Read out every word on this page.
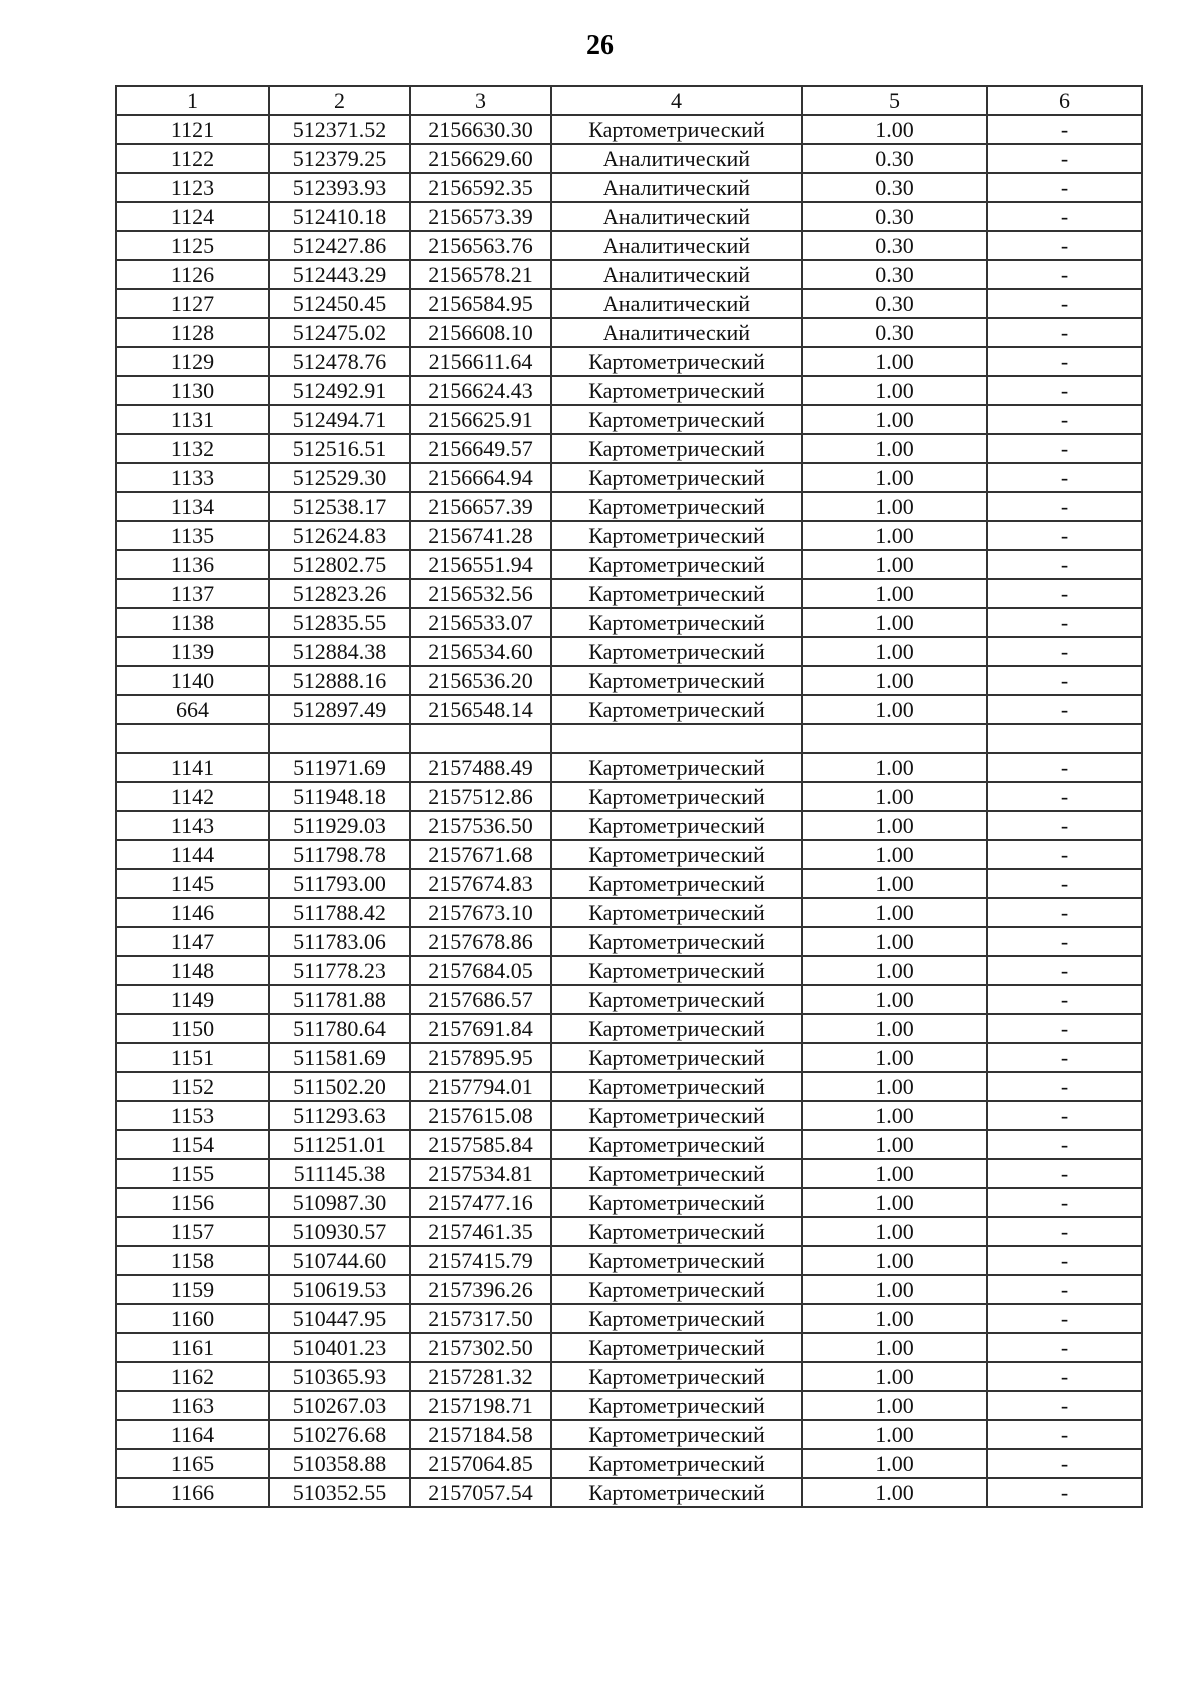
26
1	2	3	4	5	6
1121	512371.52	2156630.30	Картометрический	1.00	-
1122	512379.25	2156629.60	Аналитический	0.30	-
1123	512393.93	2156592.35	Аналитический	0.30	-
1124	512410.18	2156573.39	Аналитический	0.30	-
1125	512427.86	2156563.76	Аналитический	0.30	-
1126	512443.29	2156578.21	Аналитический	0.30	-
1127	512450.45	2156584.95	Аналитический	0.30	-
1128	512475.02	2156608.10	Аналитический	0.30	-
1129	512478.76	2156611.64	Картометрический	1.00	-
1130	512492.91	2156624.43	Картометрический	1.00	-
1131	512494.71	2156625.91	Картометрический	1.00	-
1132	512516.51	2156649.57	Картометрический	1.00	-
1133	512529.30	2156664.94	Картометрический	1.00	-
1134	512538.17	2156657.39	Картометрический	1.00	-
1135	512624.83	2156741.28	Картометрический	1.00	-
1136	512802.75	2156551.94	Картометрический	1.00	-
1137	512823.26	2156532.56	Картометрический	1.00	-
1138	512835.55	2156533.07	Картометрический	1.00	-
1139	512884.38	2156534.60	Картометрический	1.00	-
1140	512888.16	2156536.20	Картометрический	1.00	-
664	512897.49	2156548.14	Картометрический	1.00	-

1141	511971.69	2157488.49	Картометрический	1.00	-
1142	511948.18	2157512.86	Картометрический	1.00	-
1143	511929.03	2157536.50	Картометрический	1.00	-
1144	511798.78	2157671.68	Картометрический	1.00	-
1145	511793.00	2157674.83	Картометрический	1.00	-
1146	511788.42	2157673.10	Картометрический	1.00	-
1147	511783.06	2157678.86	Картометрический	1.00	-
1148	511778.23	2157684.05	Картометрический	1.00	-
1149	511781.88	2157686.57	Картометрический	1.00	-
1150	511780.64	2157691.84	Картометрический	1.00	-
1151	511581.69	2157895.95	Картометрический	1.00	-
1152	511502.20	2157794.01	Картометрический	1.00	-
1153	511293.63	2157615.08	Картометрический	1.00	-
1154	511251.01	2157585.84	Картометрический	1.00	-
1155	511145.38	2157534.81	Картометрический	1.00	-
1156	510987.30	2157477.16	Картометрический	1.00	-
1157	510930.57	2157461.35	Картометрический	1.00	-
1158	510744.60	2157415.79	Картометрический	1.00	-
1159	510619.53	2157396.26	Картометрический	1.00	-
1160	510447.95	2157317.50	Картометрический	1.00	-
1161	510401.23	2157302.50	Картометрический	1.00	-
1162	510365.93	2157281.32	Картометрический	1.00	-
1163	510267.03	2157198.71	Картометрический	1.00	-
1164	510276.68	2157184.58	Картометрический	1.00	-
1165	510358.88	2157064.85	Картометрический	1.00	-
1166	510352.55	2157057.54	Картометрический	1.00	-
